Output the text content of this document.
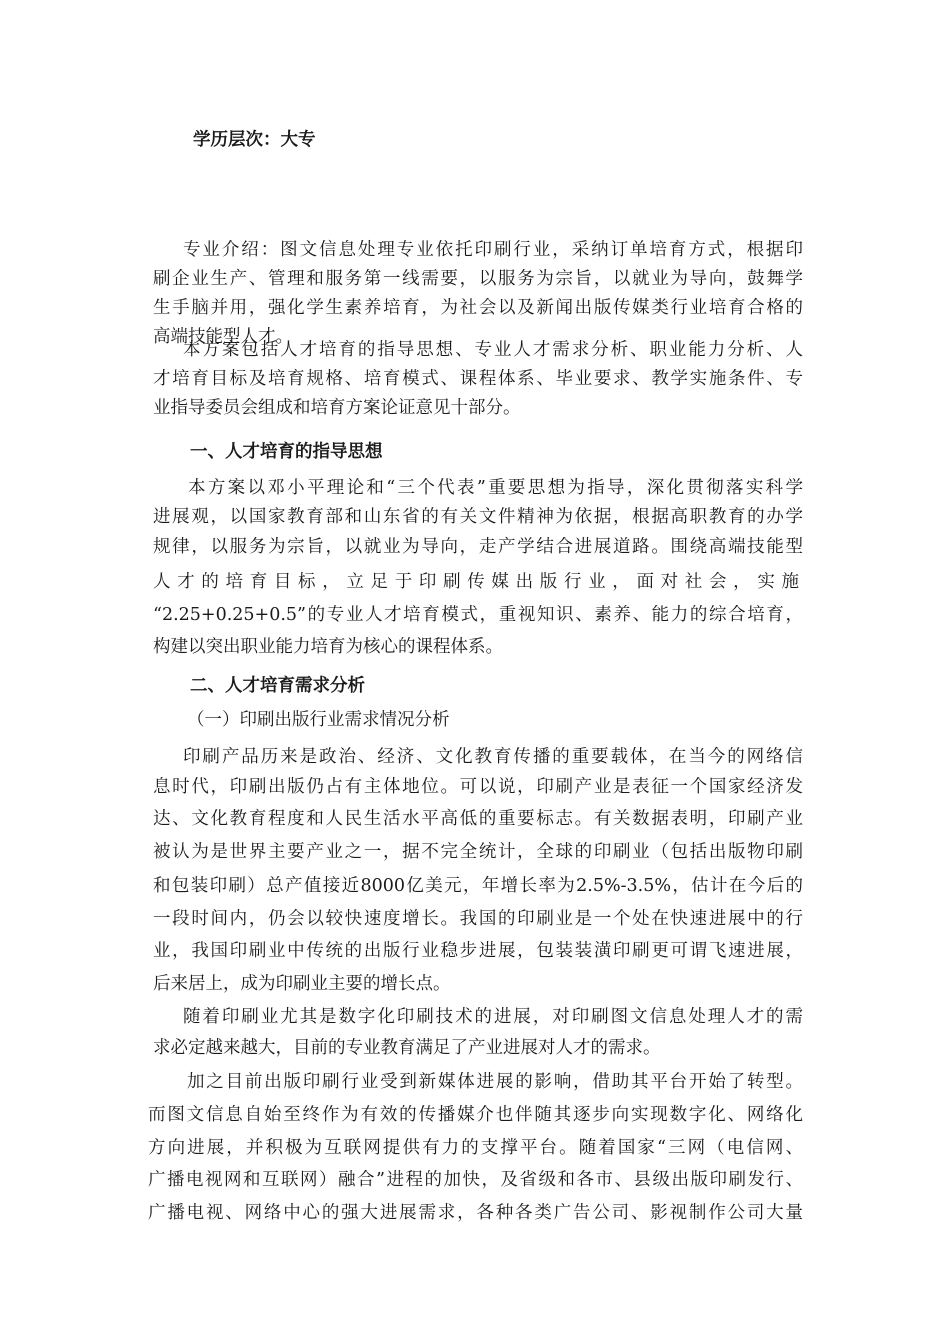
学历层次：大专
专业介绍：图文信息处理专业依托印刷行业，采纳订单培育方式，根据印
刷企业生产、管理和服务第一线需要，以服务为宗旨，以就业为导向，鼓舞学
生手脑并用，强化学生素养培育，为社会以及新闻出版传媒类行业培育合格的
高端技能型人才。
本方案包括人才培育的指导思想、专业人才需求分析、职业能力分析、人
才培育目标及培育规格、培育模式、课程体系、毕业要求、教学实施条件、专
业指导委员会组成和培育方案论证意见十部分。
一、人才培育的指导思想
本方案以邓小平理论和“三个代表”重要思想为指导，深化贯彻落实科学
进展观，以国家教育部和山东省的有关文件精神为依据，根据高职教育的办学
规律，以服务为宗旨，以就业为导向，走产学结合进展道路。围绕高端技能型
人才的培育目标，立足于印刷传媒出版行业，面对社会，实施
“2.25+0.25+0.5”的专业人才培育模式，重视知识、素养、能力的综合培育，
构建以突出职业能力培育为核心的课程体系。
二、人才培育需求分析
（一）印刷出版行业需求情况分析
印刷产品历来是政治、经济、文化教育传播的重要载体，在当今的网络信
息时代，印刷出版仍占有主体地位。可以说，印刷产业是表征一个国家经济发
达、文化教育程度和人民生活水平高低的重要标志。有关数据表明，印刷产业
被认为是世界主要产业之一，据不完全统计，全球的印刷业（包括出版物印刷
和包装印刷）总产值接近8000亿美元，年增长率为2.5%-3.5%，估计在今后的
一段时间内，仍会以较快速度增长。我国的印刷业是一个处在快速进展中的行
业，我国印刷业中传统的出版行业稳步进展，包装装潢印刷更可谓飞速进展，
后来居上，成为印刷业主要的增长点。
随着印刷业尤其是数字化印刷技术的进展，对印刷图文信息处理人才的需
求必定越来越大，目前的专业教育满足了产业进展对人才的需求。
加之目前出版印刷行业受到新媒体进展的影响，借助其平台开始了转型。
而图文信息自始至终作为有效的传播媒介也伴随其逐步向实现数字化、网络化
方向进展，并积极为互联网提供有力的支撑平台。随着国家“三网（电信网、
广播电视网和互联网）融合”进程的加快，及省级和各市、县级出版印刷发行、
广播电视、网络中心的强大进展需求，各种各类广告公司、影视制作公司大量
